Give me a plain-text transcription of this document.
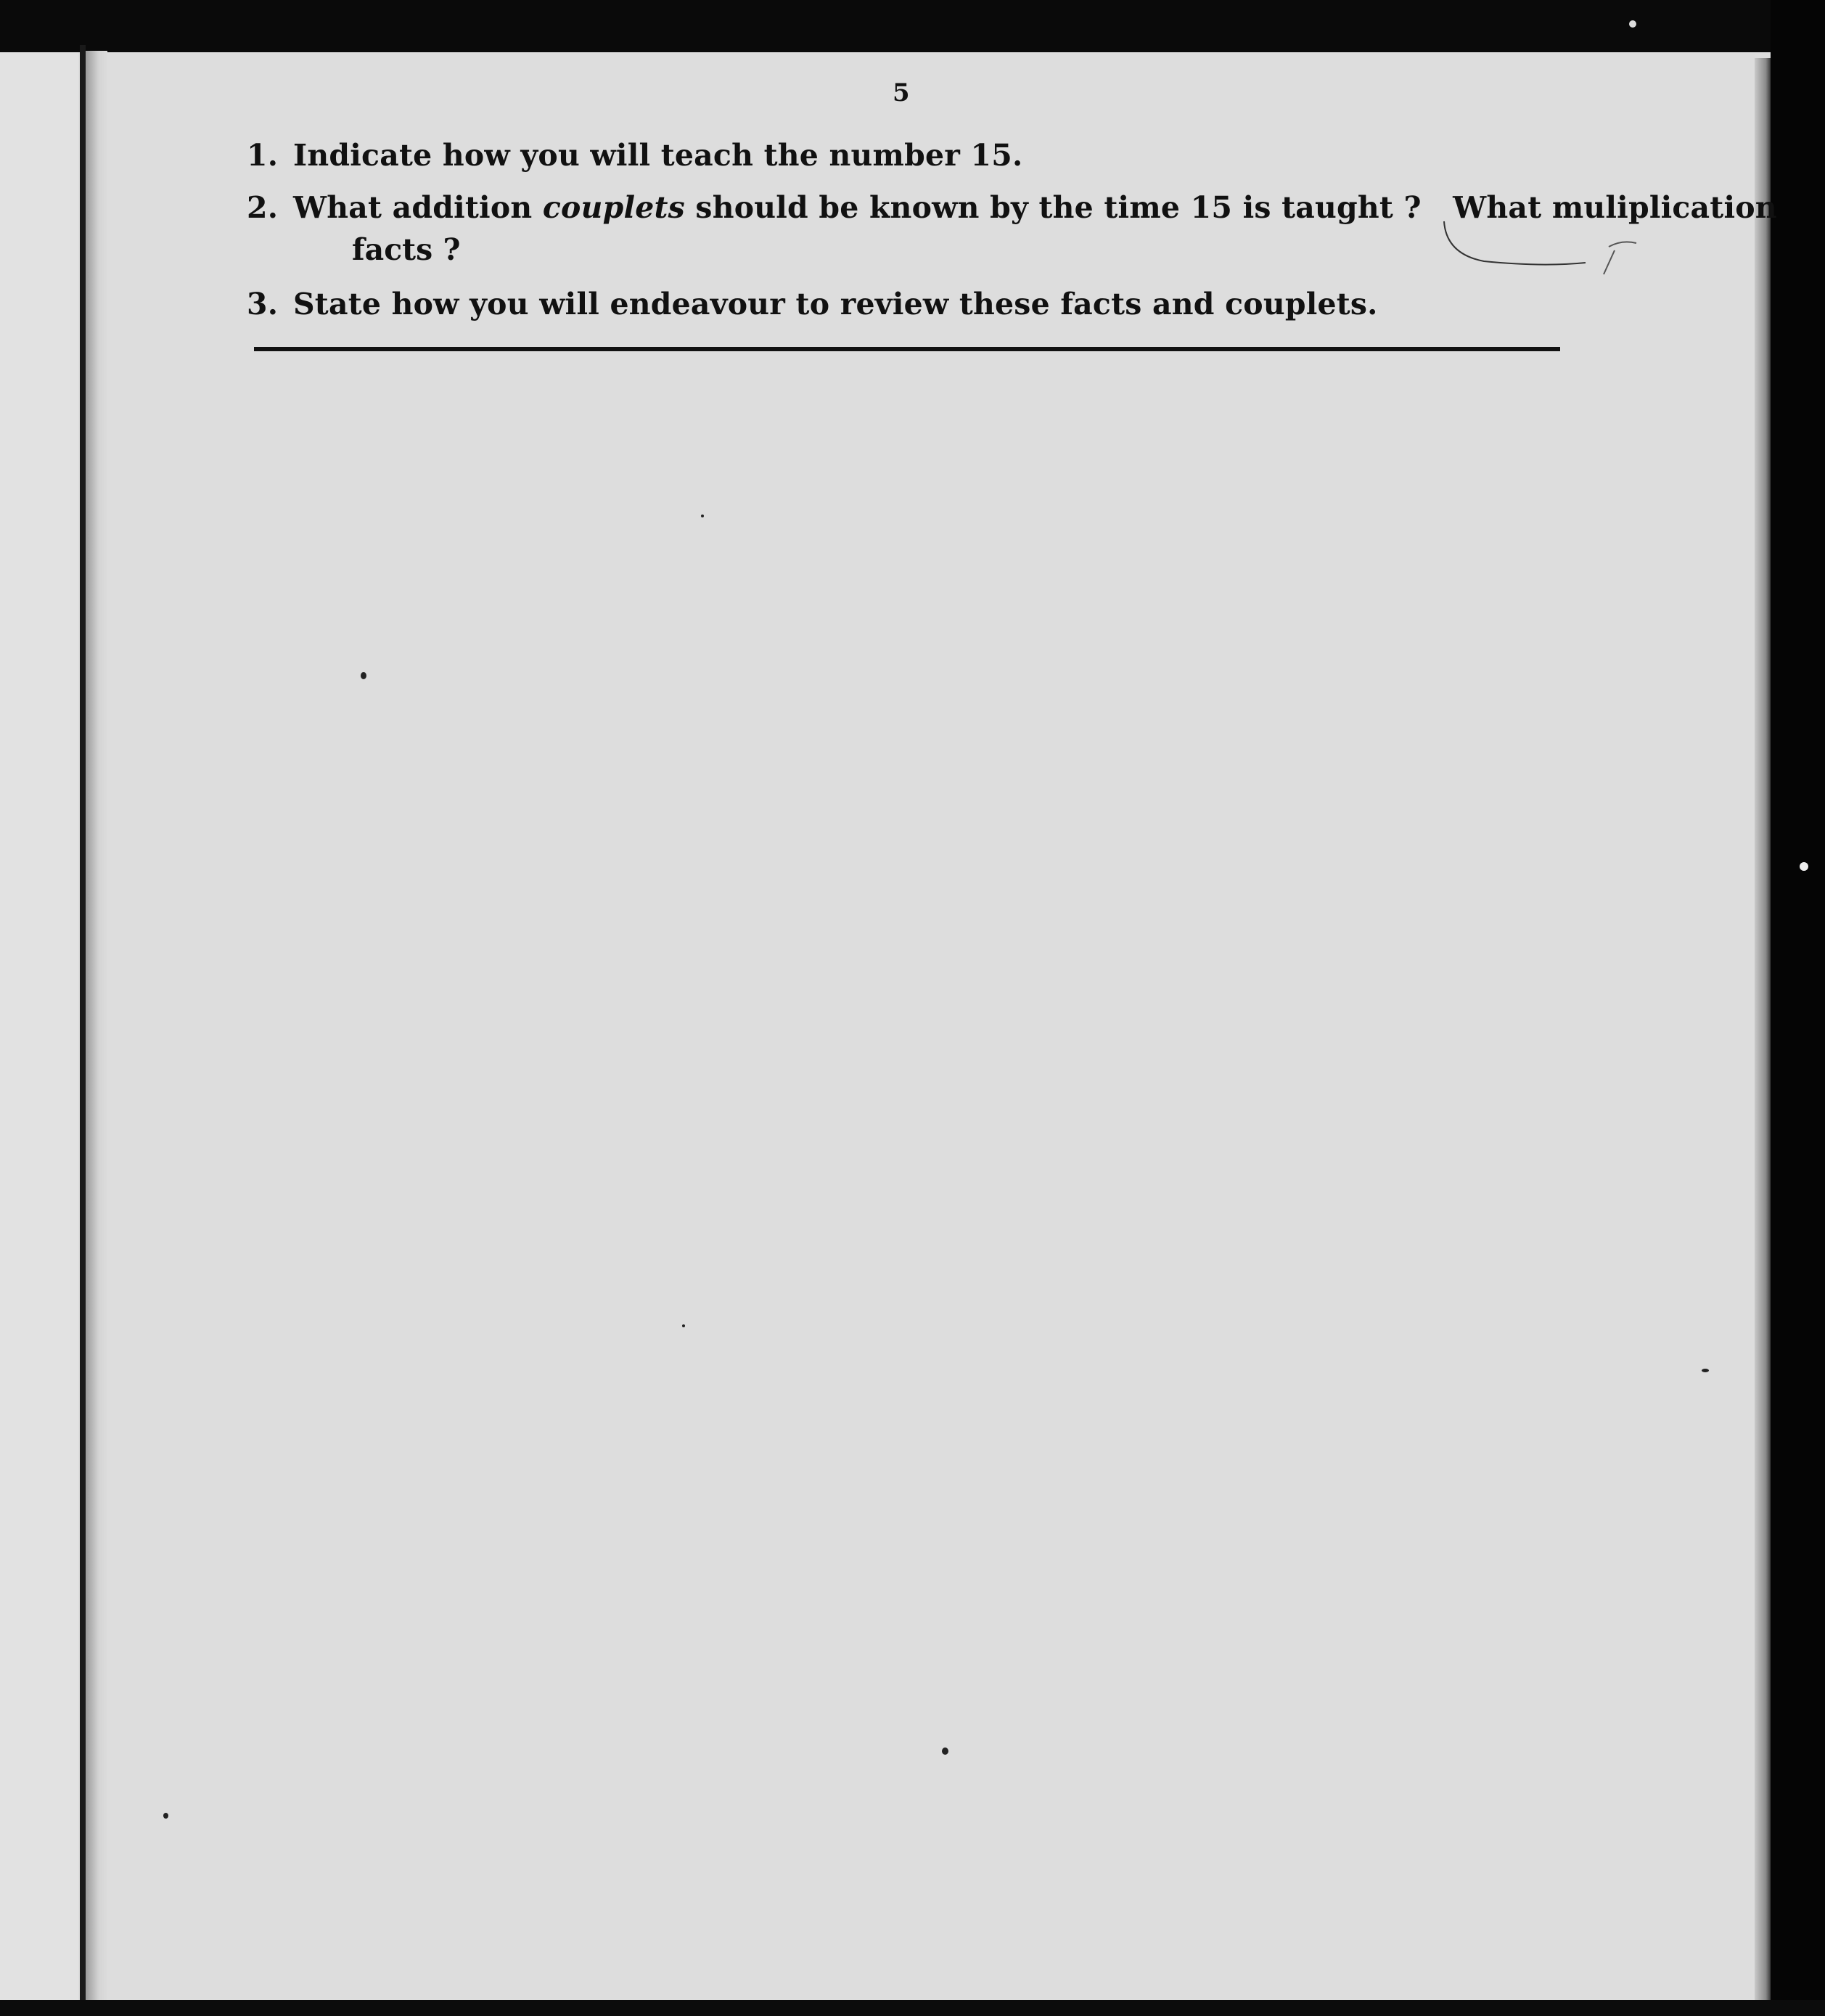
5
1. Indicate how you will teach the number 15.
2. What addition couplets should be known by the time 15 is taught ?   What muliplication
facts ?
3. State how you will endeavour to review these facts and couplets.
